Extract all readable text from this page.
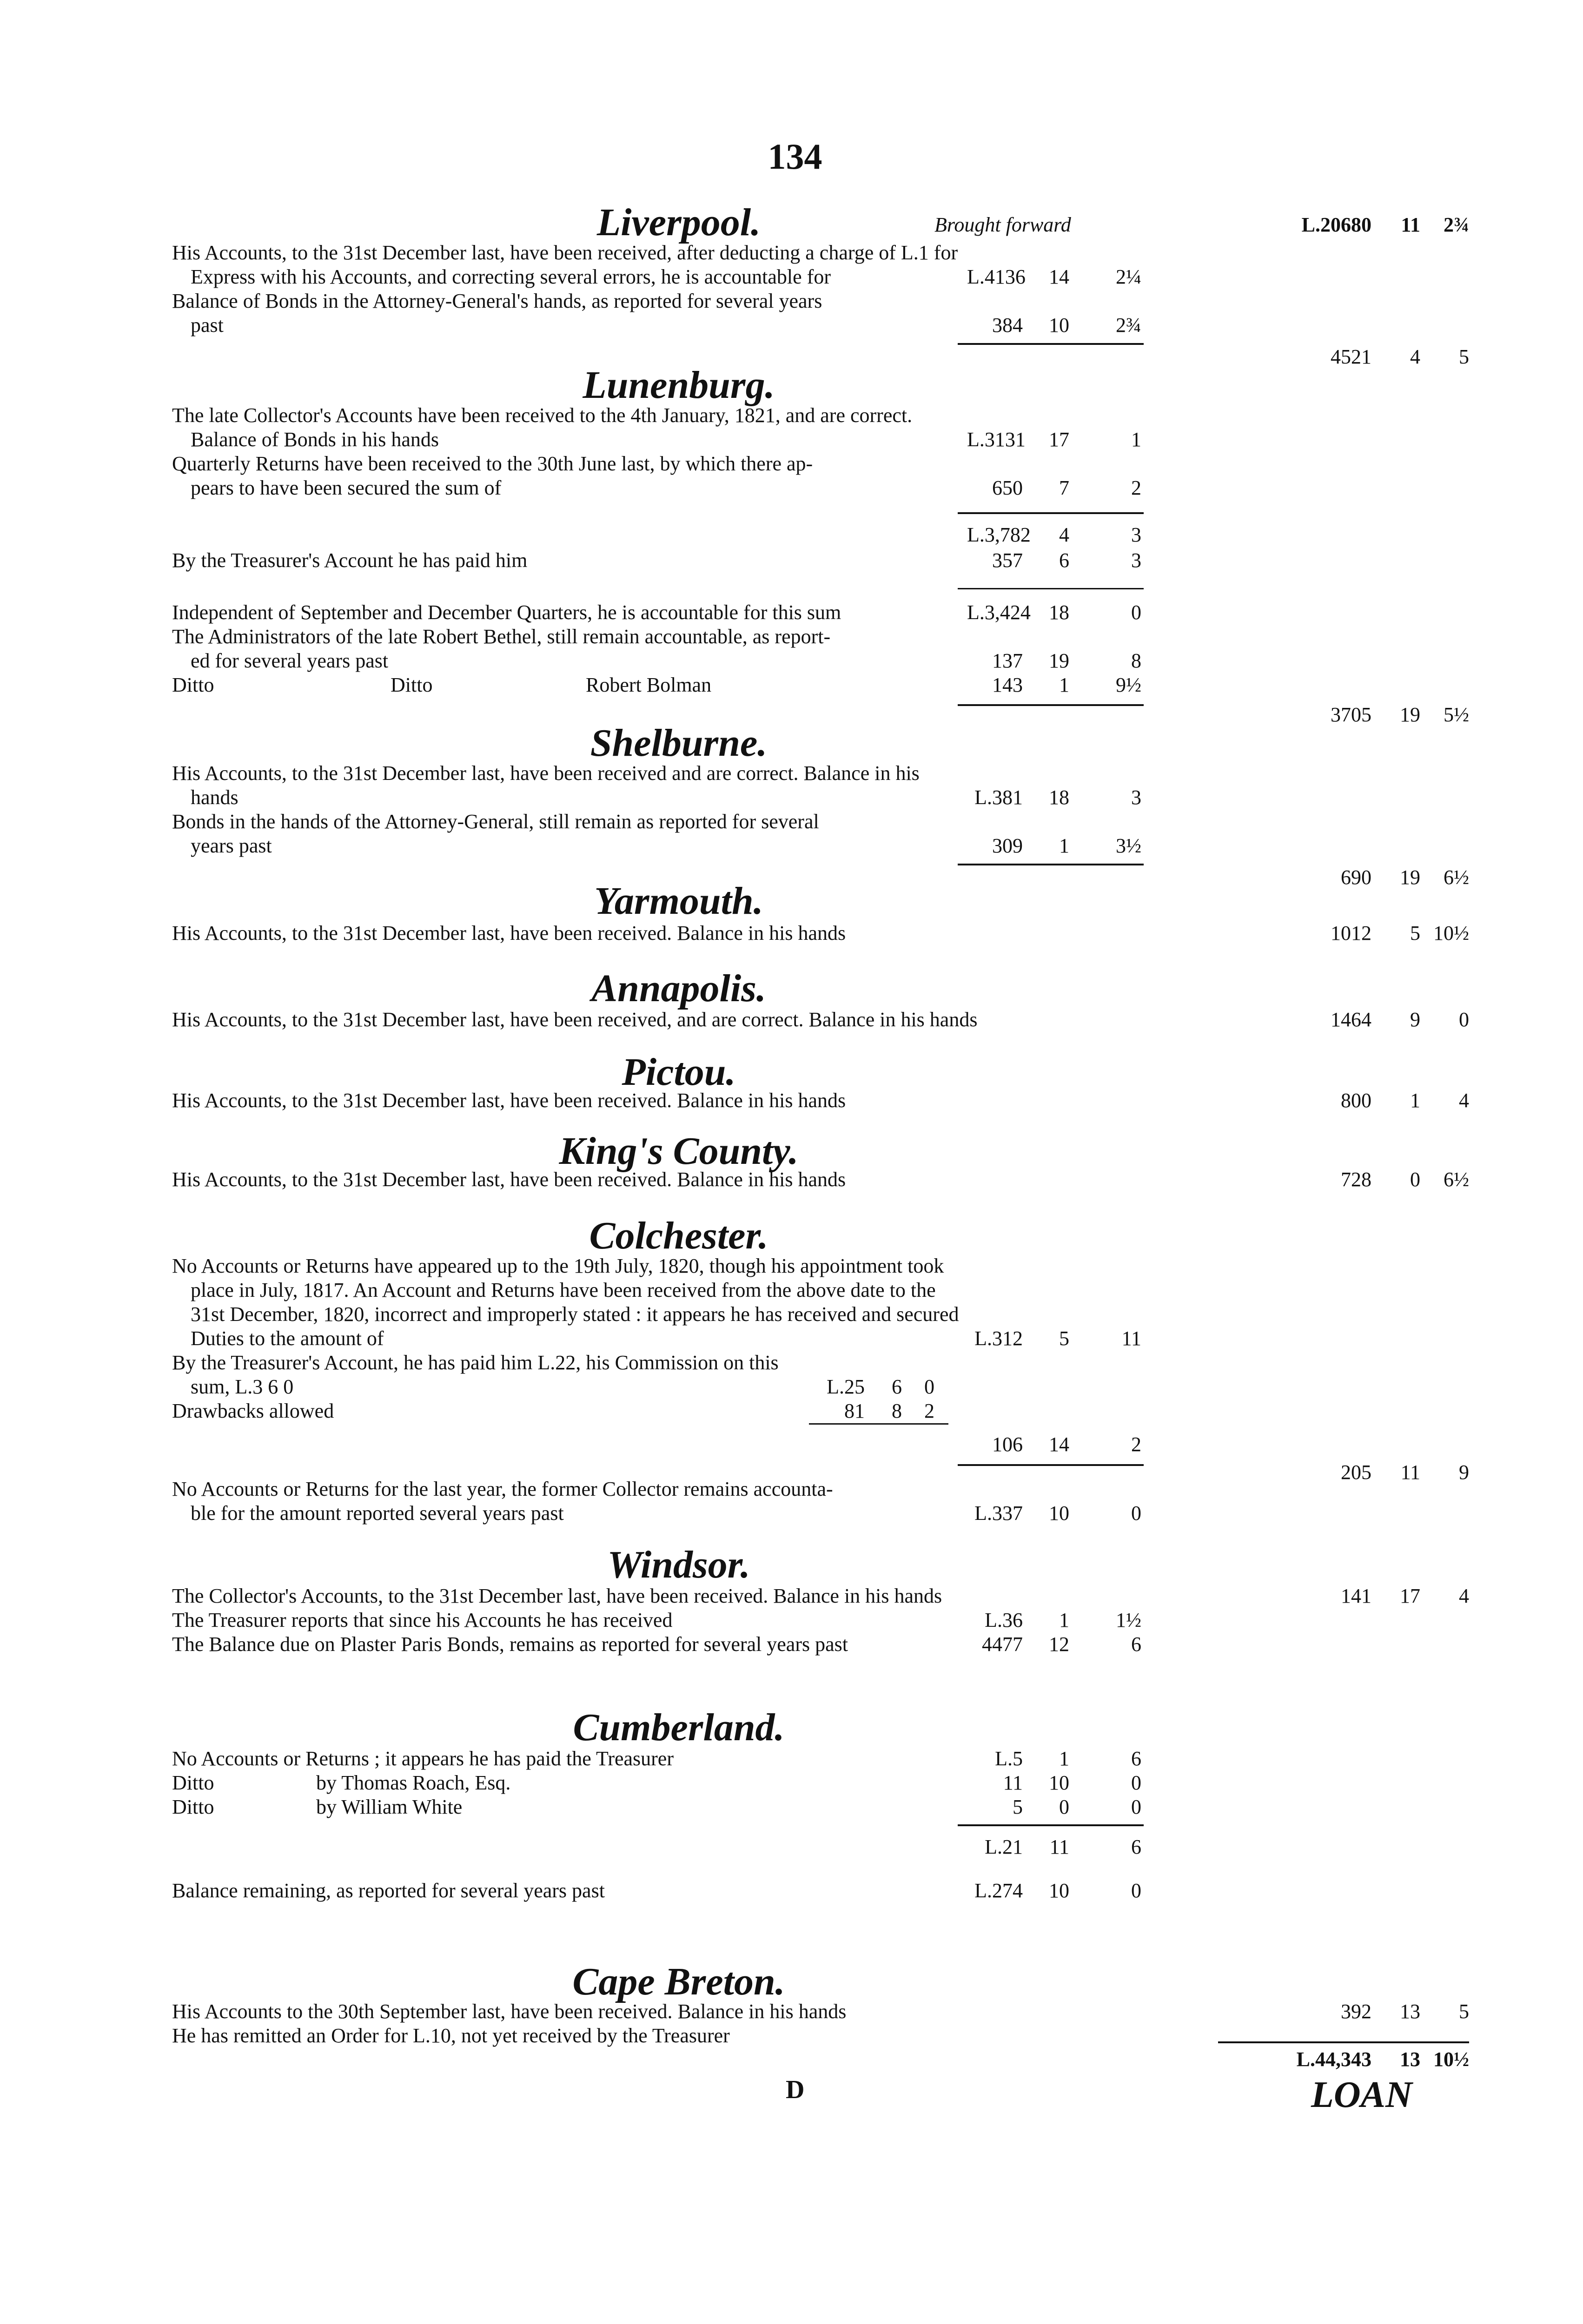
134
Liverpool.	Brought forward	L.20680	11	2¾
His Accounts, to the 31st December last, have been received, after deducting a charge of L.1 for
Express with his Accounts, and correcting several errors, he is accountable for	L.4136	14	2¼
Balance of Bonds in the Attorney-General's hands, as reported for several years
past	384	10	2¾
4521	4	5
Lunenburg.
The late Collector's Accounts have been received to the 4th January, 1821, and are correct.
Balance of Bonds in his hands	L.3131	17	1
Quarterly Returns have been received to the 30th June last, by which there ap-
pears to have been secured the sum of	650	7	2
L.3,782	4	3
By the Treasurer's Account he has paid him	357	6	3
Independent of September and December Quarters, he is accountable for this sum	L.3,424 18	0
The Administrators of the late Robert Bethel, still remain accountable, as report-
ed for several years past	137	19	8
Ditto	Ditto	Robert Bolman	143	1	9½
3705	19	5½
Shelburne.
His Accounts, to the 31st December last, have been received and are correct. Balance in his
hands	L.381	18	3
Bonds in the hands of the Attorney-General, still remain as reported for several
years past	309	1	3½
690	19	6½
Yarmouth.
His Accounts, to the 31st December last, have been received. Balance in his hands	1012	5 10½
Annapolis.
His Accounts, to the 31st December last, have been received, and are correct. Balance in his hands	1464	9	0
Pictou.
His Accounts, to the 31st December last, have been received. Balance in his hands	800	1	4
King's County.
His Accounts, to the 31st December last, have been received. Balance in his hands	728	0	6½
Colchester.
No Accounts or Returns have appeared up to the 19th July, 1820, though his appointment took
place in July, 1817. An Account and Returns have been received from the above date to the
31st December, 1820, incorrect and improperly stated : it appears he has received and secured
Duties to the amount of	L.312	5	11
By the Treasurer's Account, he has paid him L.22, his Commission on this
sum, L.3 6 0	L.25	6	0
Drawbacks allowed	81	8	2
106	14	2
205	11	9
No Accounts or Returns for the last year, the former Collector remains accounta-
ble for the amount reported several years past	L.337	10	0
Windsor.
The Collector's Accounts, to the 31st December last, have been received. Balance in his hands	141	17	4
The Treasurer reports that since his Accounts he has received	L.36	1	1½
The Balance due on Plaster Paris Bonds, remains as reported for several years past	4477	12	6
Cumberland.
No Accounts or Returns ; it appears he has paid the Treasurer	L.5	1	6
Ditto	by Thomas Roach, Esq.	11	10	0
Ditto	by William White	5	0	0
L.21	11	6
Balance remaining, as reported for several years past	L.274	10	0
Cape Breton.
His Accounts to the 30th September last, have been received. Balance in his hands	392	13	5
He has remitted an Order for L.10, not yet received by the Treasurer
L.44,343	13 10½
D	LOAN
